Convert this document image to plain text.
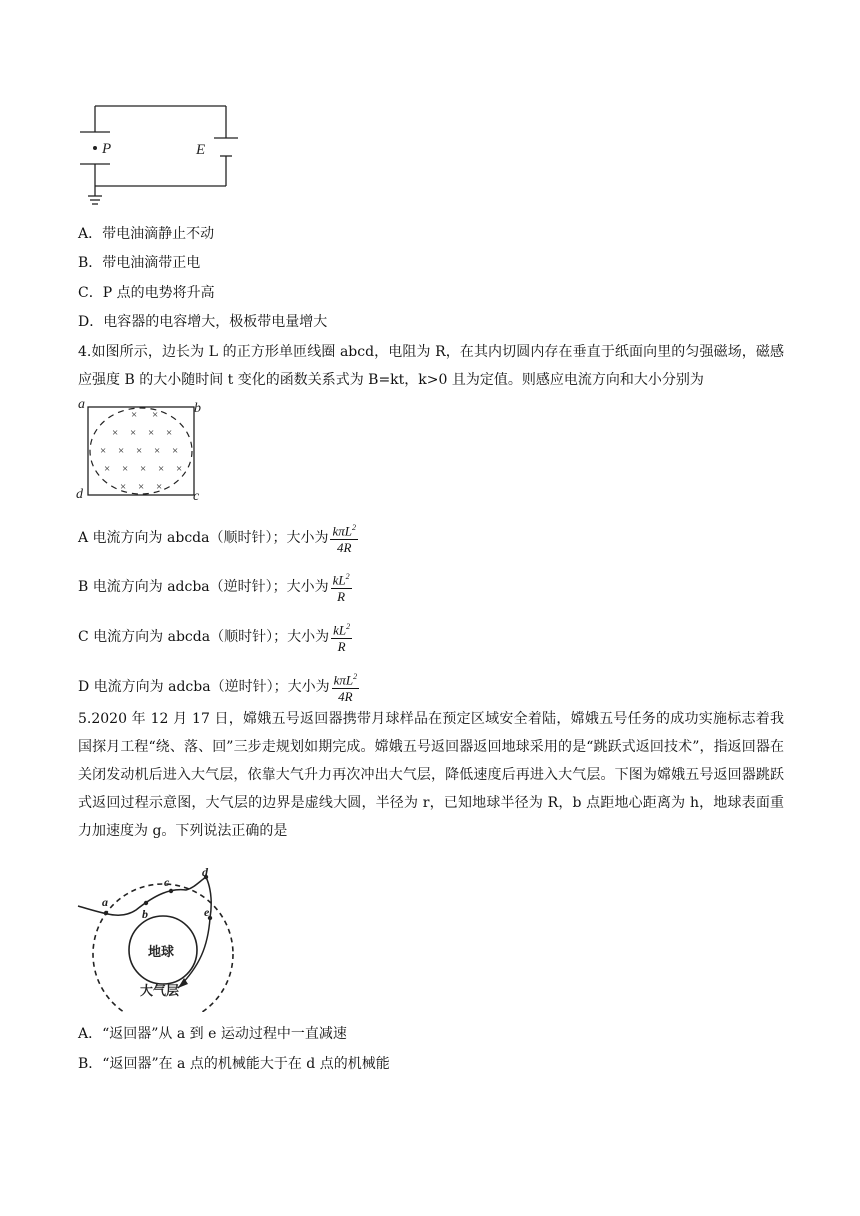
P	E
A．带电油滴静止不动
B．带电油滴带正电
C．P 点的电势将升高
D．电容器的电容增大，极板带电量增大
4.如图所示，边长为 L 的正方形单匝线圈 abcd，电阻为 R，在其内切圆内存在垂直于纸面向里的匀强磁场，磁感应强度 B 的大小随时间 t 变化的函数关系式为 B=kt，k>0 且为定值。则感应电流方向和大小分别为
× ×
× × × ×
× × × × ×
× × × × ×
× × ×
a	b
d	c
A 电流方向为 abcda（顺时针）；大小为 $\frac{k\pi L^2}{4R}$
B 电流方向为 adcba（逆时针）；大小为 $\frac{kL^2}{R}$
C 电流方向为 abcda（顺时针）；大小为 $\frac{kL^2}{R}$
D 电流方向为 adcba（逆时针）；大小为 $\frac{k\pi L^2}{4R}$
5.2020 年 12 月 17 日，嫦娥五号返回器携带月球样品在预定区域安全着陆，嫦娥五号任务的成功实施标志着我国探月工程“绕、落、回”三步走规划如期完成。嫦娥五号返回器返回地球采用的是“跳跃式返回技术”，指返回器在关闭发动机后进入大气层，依靠大气升力再次冲出大气层，降低速度后再进入大气层。下图为嫦娥五号返回器跳跃式返回过程示意图，大气层的边界是虚线大圆，半径为 r，已知地球半径为 R，b 点距地心距离为 h，地球表面重力加速度为 g。下列说法正确的是
a
b
c
d
e
地球
大气层
A．“返回器”从 a 到 e 运动过程中一直减速
B．“返回器”在 a 点的机械能大于在 d 点的机械能
